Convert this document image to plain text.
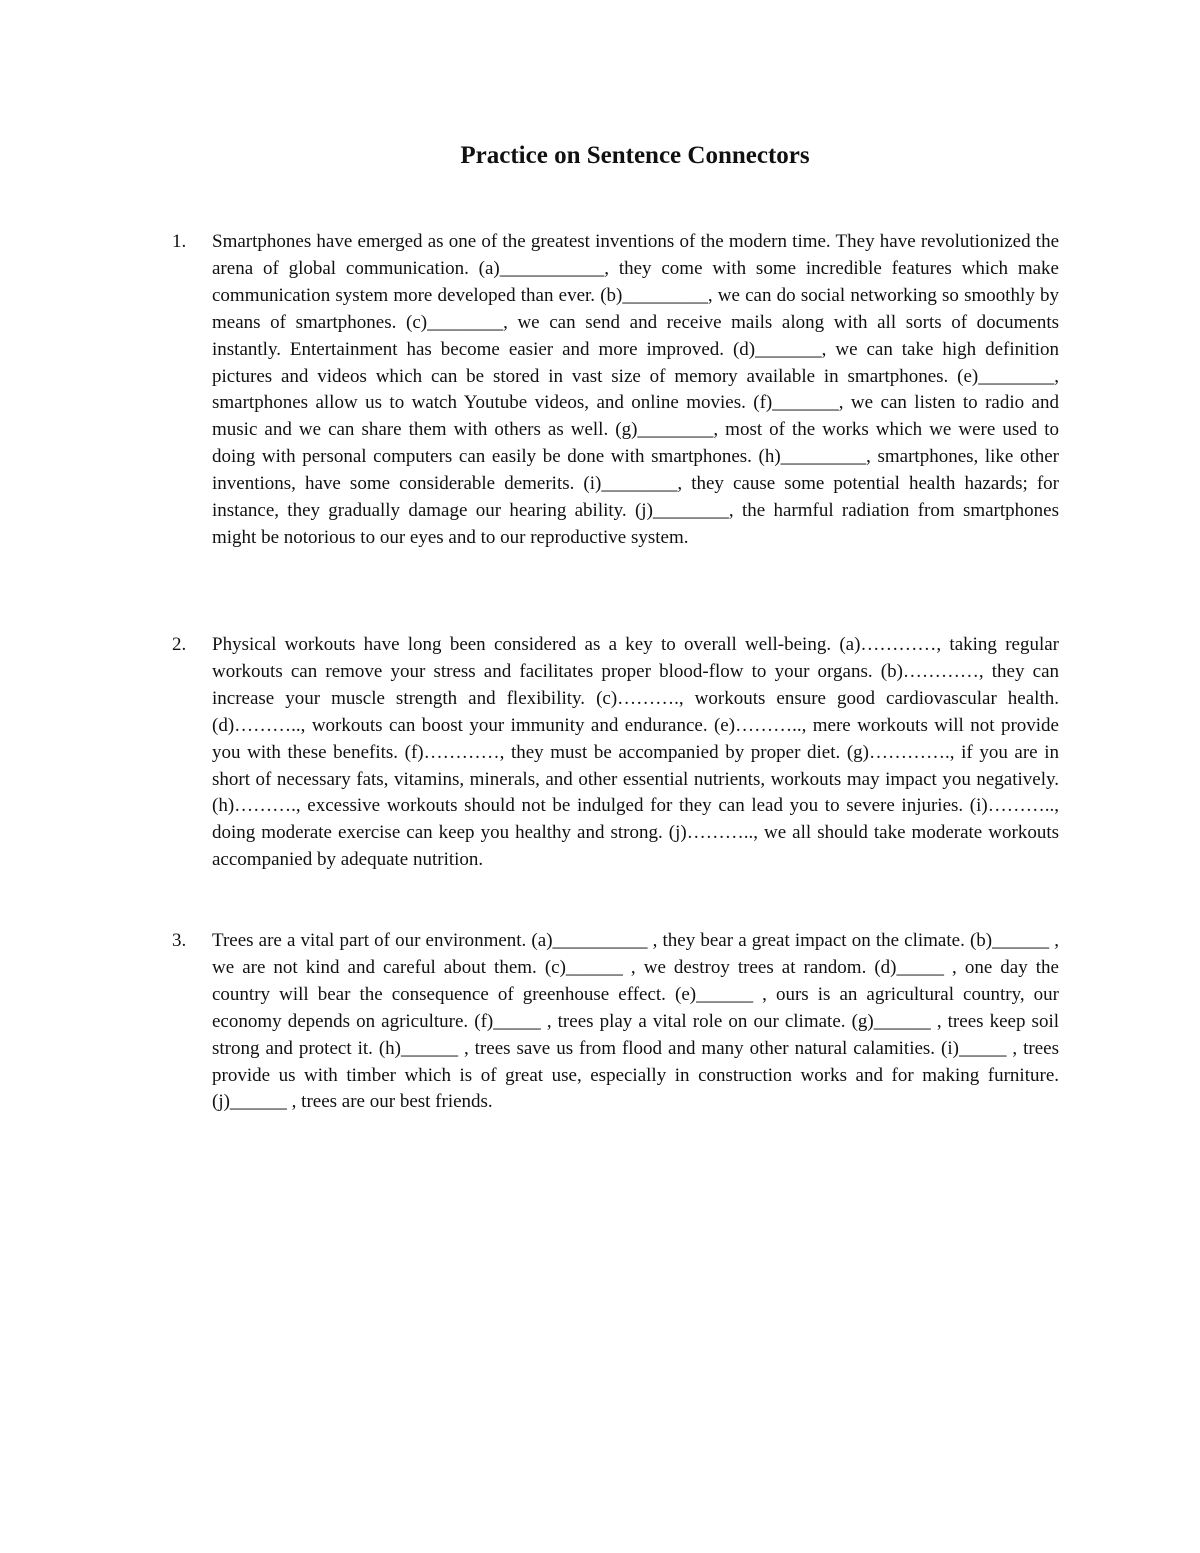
Practice on Sentence Connectors
1.	Smartphones have emerged as one of the greatest inventions of the modern time. They have revolutionized the arena of global communication. (a)___________, they come with some incredible features which make communication system more developed than ever. (b)_________, we can do social networking so smoothly by means of smartphones. (c)________, we can send and receive mails along with all sorts of documents instantly. Entertainment has become easier and more improved. (d)_______, we can take high definition pictures and videos which can be stored in vast size of memory available in smartphones. (e)________, smartphones allow us to watch Youtube videos, and online movies. (f)_______, we can listen to radio and music and we can share them with others as well. (g)________, most of the works which we were used to doing with personal computers can easily be done with smartphones. (h)_________, smartphones, like other inventions, have some considerable demerits. (i)________, they cause some potential health hazards; for instance, they gradually damage our hearing ability. (j)________, the harmful radiation from smartphones might be notorious to our eyes and to our reproductive system.

2.	Physical workouts have long been considered as a key to overall well-being. (a)…………, taking regular workouts can remove your stress and facilitates proper blood-flow to your organs. (b)…………, they can increase your muscle strength and flexibility. (c)………., workouts ensure good cardiovascular health. (d)……….., workouts can boost your immunity and endurance. (e)……….., mere workouts will not provide you with these benefits. (f)…………, they must be accompanied by proper diet. (g)…………., if you are in short of necessary fats, vitamins, minerals, and other essential nutrients, workouts may impact you negatively. (h)………., excessive workouts should not be indulged for they can lead you to severe injuries. (i)……….., doing moderate exercise can keep you healthy and strong. (j)……….., we all should take moderate workouts accompanied by adequate nutrition.

3.	Trees are a vital part of our environment. (a)__________ , they bear a great impact on the climate. (b)______ , we are not kind and careful about them. (c)______ , we destroy trees at random. (d)_____ , one day the country will bear the consequence of greenhouse effect. (e)______ , ours is an agricultural country, our economy depends on agriculture. (f)_____ , trees play a vital role on our climate. (g)______ , trees keep soil strong and protect it. (h)______ , trees save us from flood and many other natural calamities. (i)_____ , trees provide us with timber which is of great use, especially in construction works and for making furniture. (j)______ , trees are our best friends.
